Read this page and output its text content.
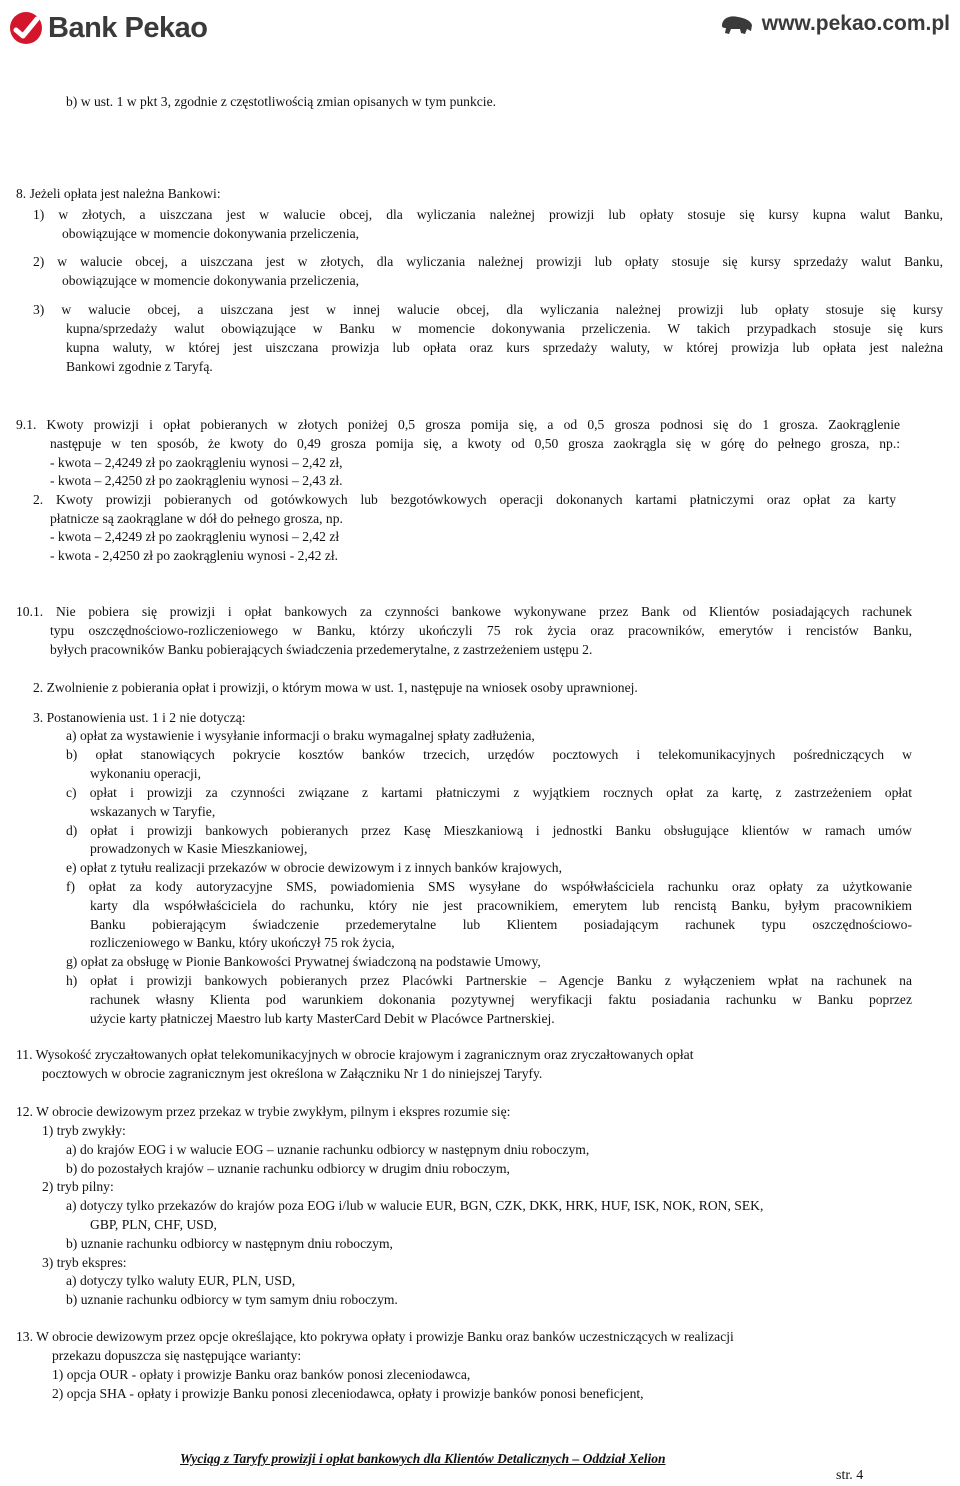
Bank Pekao	www.pekao.com.pl
b) w ust. 1 w pkt 3, zgodnie z częstotliwością zmian opisanych w tym punkcie.
8. Jeżeli opłata jest należna Bankowi:
1) w złotych, a uiszczana jest w walucie obcej, dla wyliczania należnej prowizji lub opłaty stosuje się kursy kupna walut Banku,
obowiązujące w momencie dokonywania przeliczenia,
2) w walucie obcej, a uiszczana jest w złotych, dla wyliczania należnej prowizji lub opłaty stosuje się kursy sprzedaży walut Banku,
obowiązujące w momencie dokonywania przeliczenia,
3) w walucie obcej, a uiszczana jest w innej walucie obcej, dla wyliczania należnej prowizji lub opłaty stosuje się kursy
kupna/sprzedaży walut obowiązujące w Banku w momencie dokonywania przeliczenia. W takich przypadkach stosuje się kurs
kupna waluty, w której jest uiszczana prowizja lub opłata oraz kurs sprzedaży waluty, w której prowizja lub opłata jest należna
Bankowi zgodnie z Taryfą.
9.1. Kwoty prowizji i opłat pobieranych w złotych poniżej 0,5 grosza pomija się, a od 0,5 grosza podnosi się do 1 grosza. Zaokrąglenie
następuje w ten sposób, że kwoty do 0,49 grosza pomija się, a kwoty od 0,50 grosza zaokrągla się w górę do pełnego grosza, np.:
- kwota – 2,4249 zł po zaokrągleniu wynosi – 2,42 zł,
- kwota – 2,4250 zł po zaokrągleniu wynosi – 2,43 zł.
2. Kwoty prowizji pobieranych od gotówkowych lub bezgotówkowych operacji dokonanych kartami płatniczymi oraz opłat za karty
płatnicze są zaokrąglane w dół do pełnego grosza, np.
- kwota – 2,4249 zł po zaokrągleniu wynosi – 2,42 zł
- kwota - 2,4250 zł po zaokrągleniu wynosi - 2,42 zł.
10.1. Nie pobiera się prowizji i opłat bankowych za czynności bankowe wykonywane przez Bank od Klientów posiadających rachunek
typu oszczędnościowo-rozliczeniowego w Banku, którzy ukończyli 75 rok życia oraz pracowników, emerytów i rencistów Banku,
byłych pracowników Banku pobierających świadczenia przedemerytalne, z zastrzeżeniem ustępu 2.
2. Zwolnienie z pobierania opłat i prowizji, o którym mowa w ust. 1, następuje na wniosek osoby uprawnionej.
3. Postanowienia ust. 1 i 2 nie dotyczą:
a) opłat za wystawienie i wysyłanie informacji o braku wymagalnej spłaty zadłużenia,
b) opłat stanowiących pokrycie kosztów banków trzecich, urzędów pocztowych i telekomunikacyjnych pośredniczących w
wykonaniu operacji,
c) opłat i prowizji za czynności związane z kartami płatniczymi z wyjątkiem rocznych opłat za kartę, z zastrzeżeniem opłat
wskazanych w Taryfie,
d) opłat i prowizji bankowych pobieranych przez Kasę Mieszkaniową i jednostki Banku obsługujące klientów w ramach umów
prowadzonych w Kasie Mieszkaniowej,
e) opłat z tytułu realizacji przekazów w obrocie dewizowym i z innych banków krajowych,
f) opłat za kody autoryzacyjne SMS, powiadomienia SMS wysyłane do współwłaściciela rachunku oraz opłaty za użytkowanie
karty dla współwłaściciela do rachunku, który nie jest pracownikiem, emerytem lub rencistą Banku, byłym pracownikiem
Banku pobierającym świadczenie przedemerytalne lub Klientem posiadającym rachunek typu oszczędnościowo-
rozliczeniowego w Banku, który ukończył 75 rok życia,
g) opłat za obsługę w Pionie Bankowości Prywatnej świadczoną na podstawie Umowy,
h) opłat i prowizji bankowych pobieranych przez Placówki Partnerskie – Agencje Banku z wyłączeniem wpłat na rachunek na
rachunek własny Klienta pod warunkiem dokonania pozytywnej weryfikacji faktu posiadania rachunku w Banku poprzez
użycie karty płatniczej Maestro lub karty MasterCard Debit w Placówce Partnerskiej.
11. Wysokość zryczałtowanych opłat telekomunikacyjnych w obrocie krajowym i zagranicznym oraz zryczałtowanych opłat
pocztowych w obrocie zagranicznym jest określona w Załączniku Nr 1 do niniejszej Taryfy.
12. W obrocie dewizowym przez przekaz w trybie zwykłym, pilnym i ekspres rozumie się:
1) tryb zwykły:
a) do krajów EOG i w walucie EOG – uznanie rachunku odbiorcy w następnym dniu roboczym,
b) do pozostałych krajów – uznanie rachunku odbiorcy w drugim dniu roboczym,
2) tryb pilny:
a) dotyczy tylko przekazów do krajów poza EOG i/lub w walucie EUR, BGN, CZK, DKK, HRK, HUF, ISK, NOK, RON, SEK,
GBP, PLN, CHF, USD,
b) uznanie rachunku odbiorcy w następnym dniu roboczym,
3) tryb ekspres:
a) dotyczy tylko waluty EUR, PLN, USD,
b) uznanie rachunku odbiorcy w tym samym dniu roboczym.
13. W obrocie dewizowym przez opcje określające, kto pokrywa opłaty i prowizje Banku oraz banków uczestniczących w realizacji
przekazu dopuszcza się następujące warianty:
1) opcja OUR - opłaty i prowizje Banku oraz banków ponosi zleceniodawca,
2) opcja SHA - opłaty i prowizje Banku ponosi zleceniodawca, opłaty i prowizje banków ponosi beneficjent,
Wyciąg z Taryfy prowizji i opłat bankowych dla Klientów Detalicznych – Oddział Xelion
str. 4
